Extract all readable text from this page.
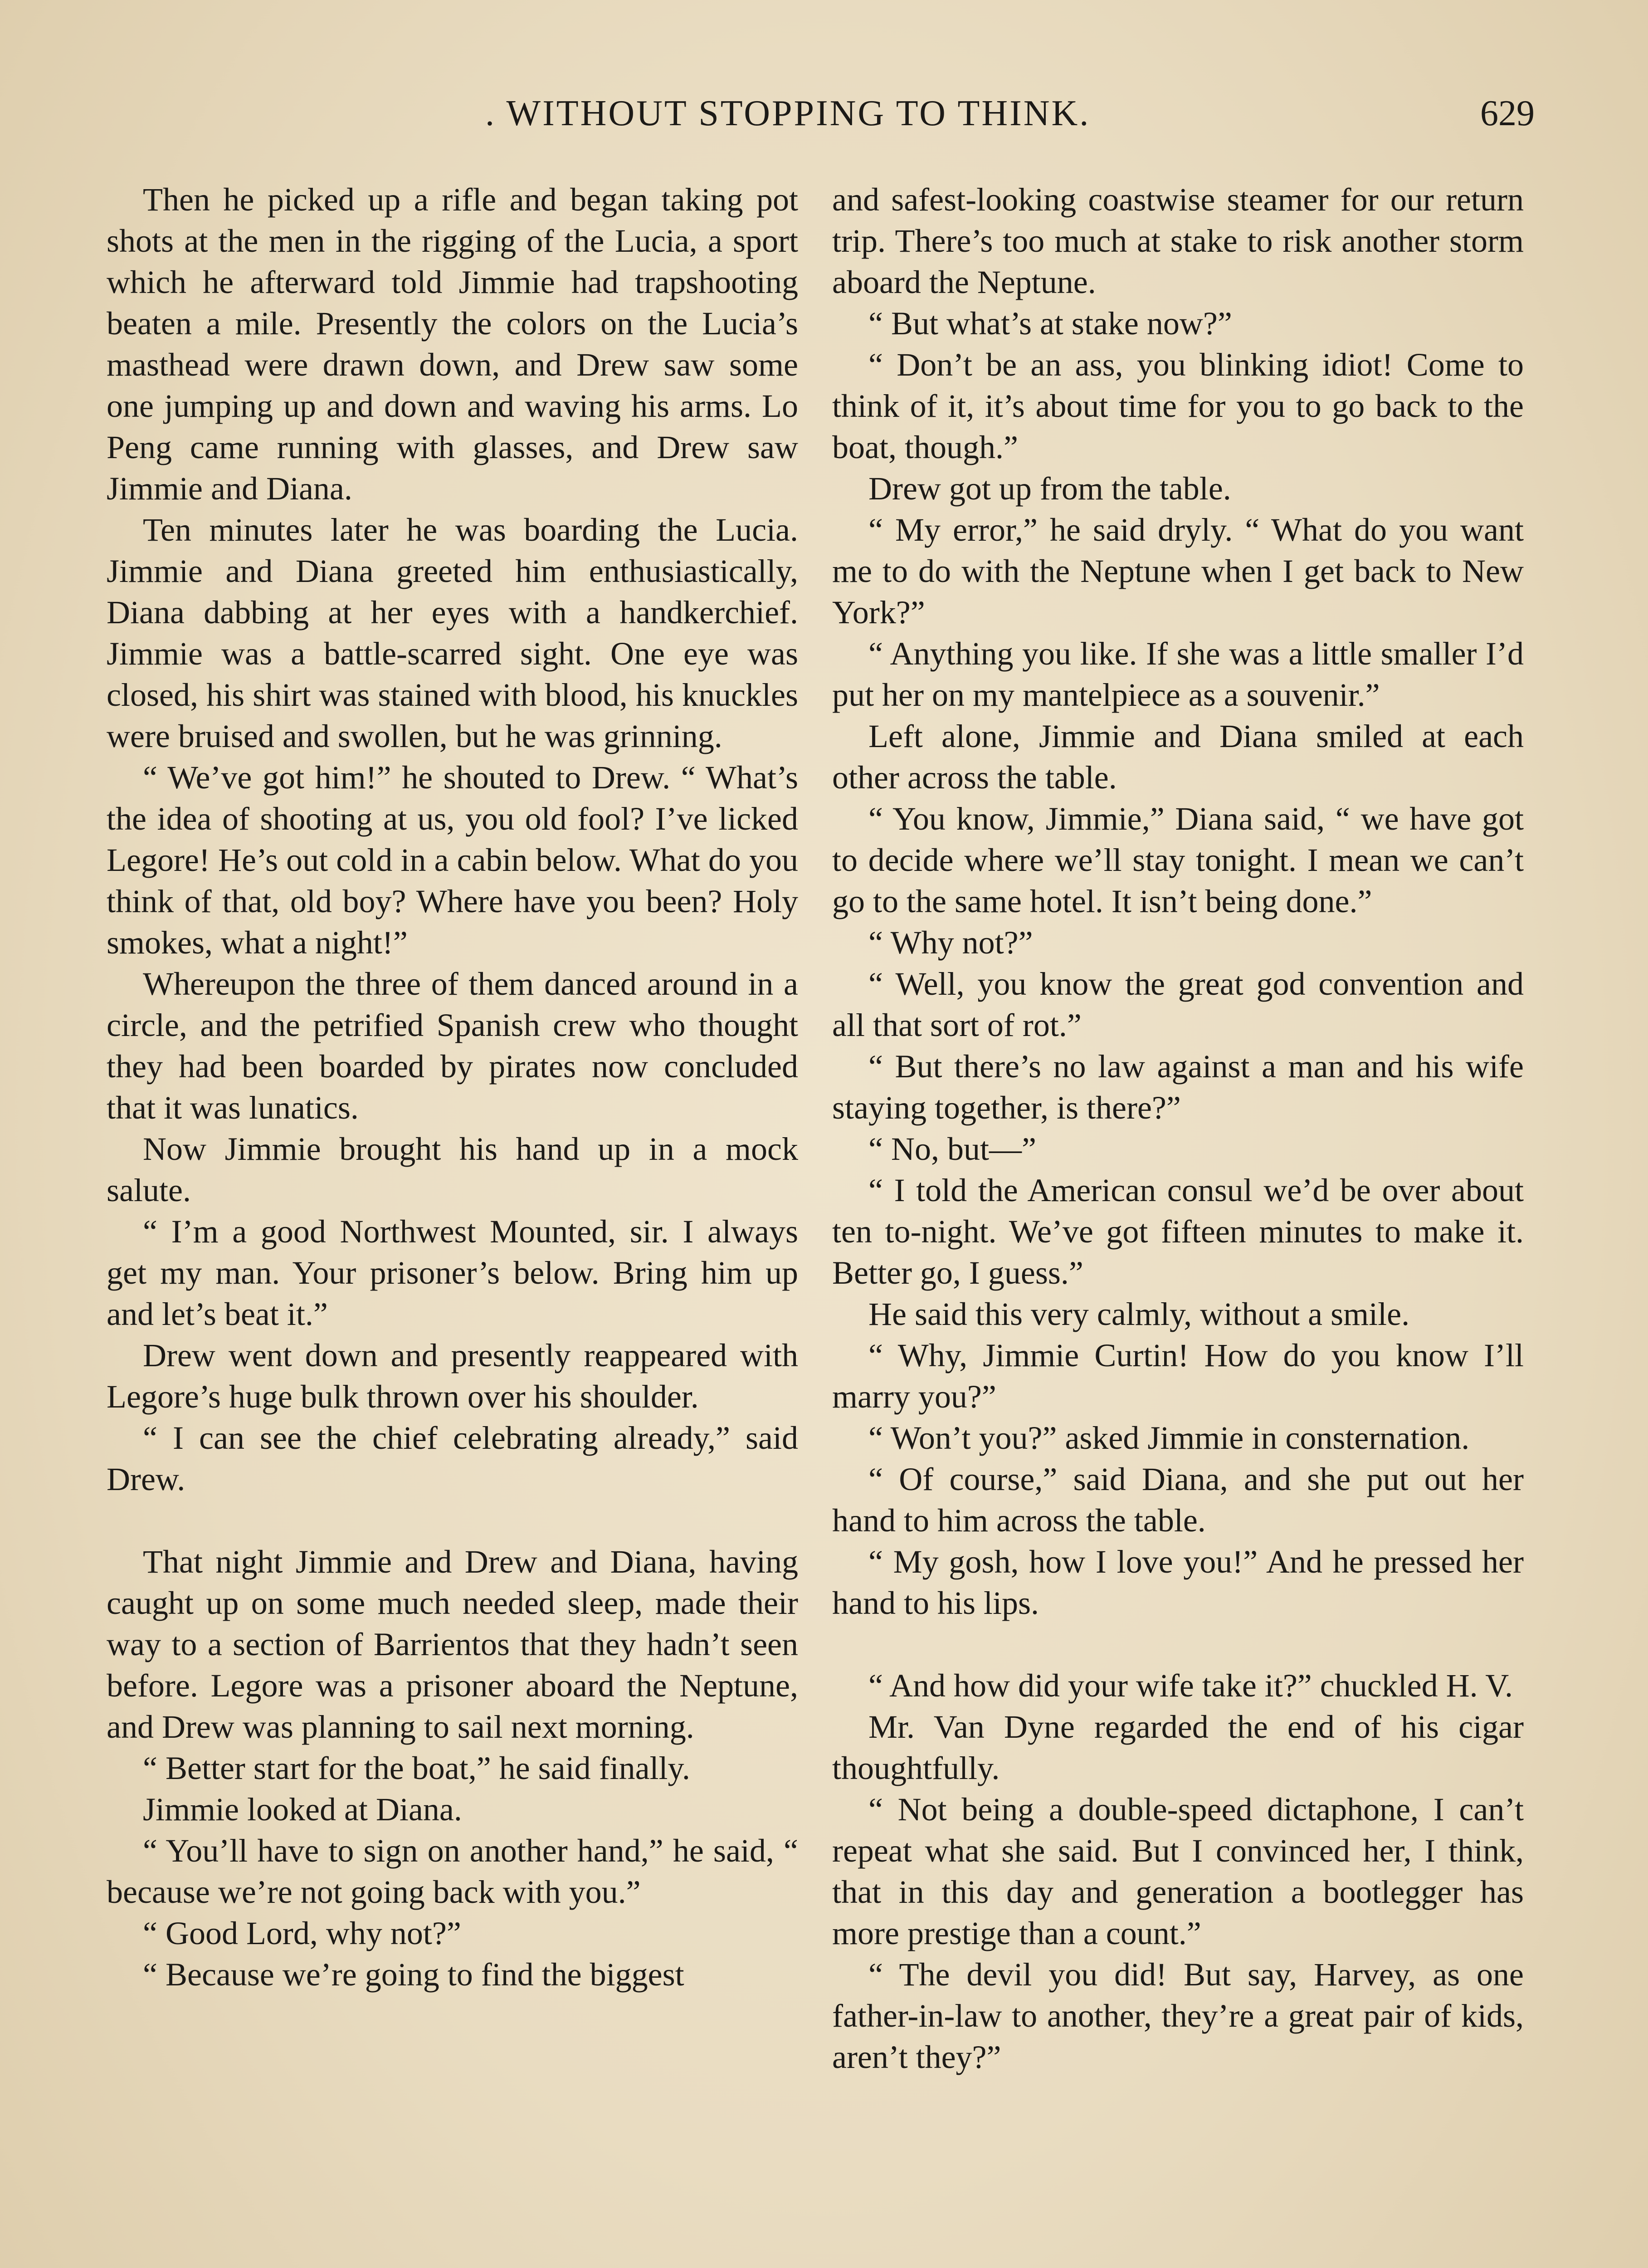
. WITHOUT STOPPING TO THINK.	629

Then he picked up a rifle and began taking pot shots at the men in the rigging of the Lucia, a sport which he afterward told Jimmie had trapshooting beaten a mile. Presently the colors on the Lucia’s masthead were drawn down, and Drew saw some one jumping up and down and waving his arms. Lo Peng came running with glasses, and Drew saw Jimmie and Diana.

Ten minutes later he was boarding the Lucia. Jimmie and Diana greeted him enthusiastically, Diana dabbing at her eyes with a handkerchief. Jimmie was a battle-scarred sight. One eye was closed, his shirt was stained with blood, his knuckles were bruised and swollen, but he was grinning.

“ We’ve got him!” he shouted to Drew. “ What’s the idea of shooting at us, you old fool? I’ve licked Legore! He’s out cold in a cabin below. What do you think of that, old boy? Where have you been? Holy smokes, what a night!”

Whereupon the three of them danced around in a circle, and the petrified Spanish crew who thought they had been boarded by pirates now concluded that it was lunatics.

Now Jimmie brought his hand up in a mock salute.

“ I’m a good Northwest Mounted, sir. I always get my man. Your prisoner’s below. Bring him up and let’s beat it.”

Drew went down and presently reappeared with Legore’s huge bulk thrown over his shoulder.

“ I can see the chief celebrating already,” said Drew.

That night Jimmie and Drew and Diana, having caught up on some much needed sleep, made their way to a section of Barrientos that they hadn’t seen before. Legore was a prisoner aboard the Neptune, and Drew was planning to sail next morning.

“ Better start for the boat,” he said finally.

Jimmie looked at Diana.

“ You’ll have to sign on another hand,” he said, “ because we’re not going back with you.”

“ Good Lord, why not?”

“ Because we’re going to find the biggest

and safest-looking coastwise steamer for our return trip. There’s too much at stake to risk another storm aboard the Neptune.

“ But what’s at stake now?”

“ Don’t be an ass, you blinking idiot! Come to think of it, it’s about time for you to go back to the boat, though.”

Drew got up from the table.

“ My error,” he said dryly. “ What do you want me to do with the Neptune when I get back to New York?”

“ Anything you like. If she was a little smaller I’d put her on my mantelpiece as a souvenir.”

Left alone, Jimmie and Diana smiled at each other across the table.

“ You know, Jimmie,” Diana said, “ we have got to decide where we’ll stay tonight. I mean we can’t go to the same hotel. It isn’t being done.”

“ Why not?”

“ Well, you know the great god convention and all that sort of rot.”

“ But there’s no law against a man and his wife staying together, is there?”

“ No, but—”

“ I told the American consul we’d be over about ten to-night. We’ve got fifteen minutes to make it. Better go, I guess.”

He said this very calmly, without a smile.

“ Why, Jimmie Curtin! How do you know I’ll marry you?”

“ Won’t you?” asked Jimmie in consternation.

“ Of course,” said Diana, and she put out her hand to him across the table.

“ My gosh, how I love you!” And he pressed her hand to his lips.

“ And how did your wife take it?” chuckled H. V.

Mr. Van Dyne regarded the end of his cigar thoughtfully.

“ Not being a double-speed dictaphone, I can’t repeat what she said. But I convinced her, I think, that in this day and generation a bootlegger has more prestige than a count.”

“ The devil you did! But say, Harvey, as one father-in-law to another, they’re a great pair of kids, aren’t they?”
